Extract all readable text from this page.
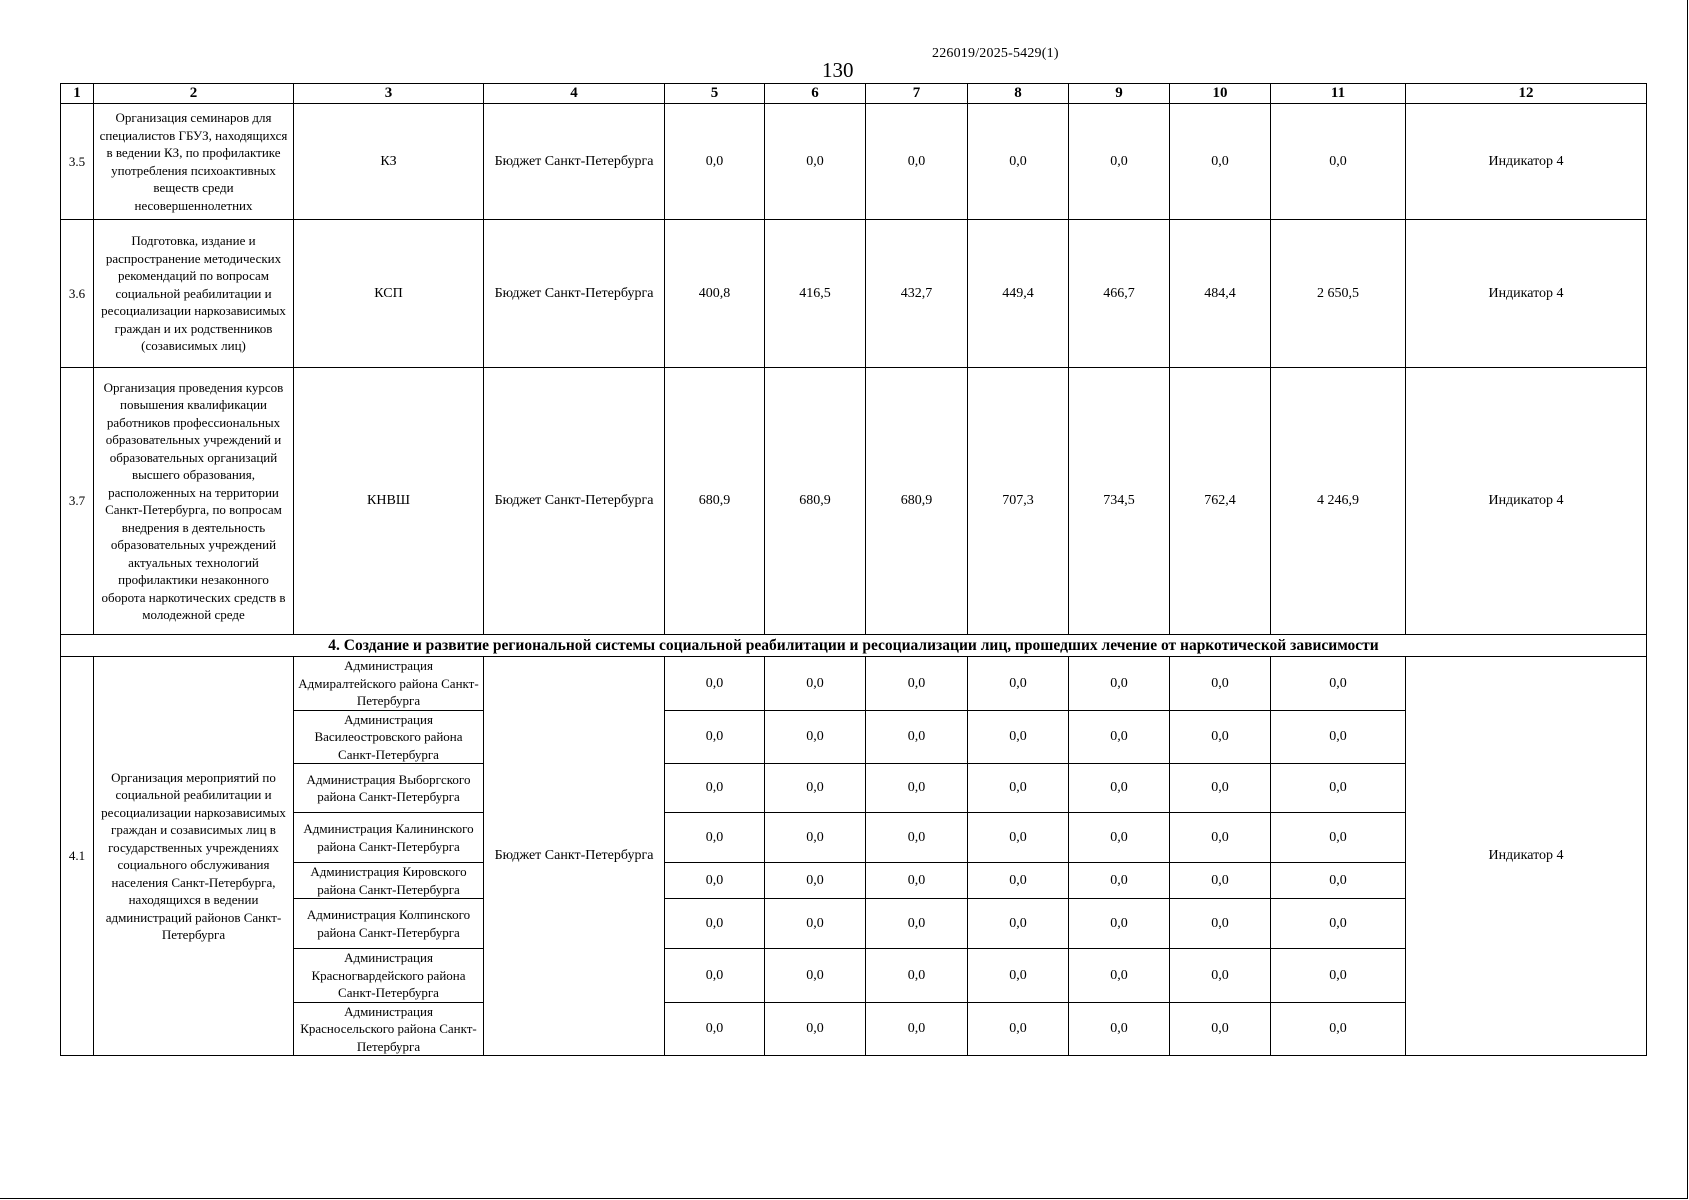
226019/2025-5429(1)
130
1	2	3	4	5	6	7	8	9	10	11	12
3.5	Организация семинаров для специалистов ГБУЗ, находящихся в ведении КЗ, по профилактике употребления психоактивных веществ среди несовершеннолетних	КЗ	Бюджет Санкт-Петербурга	0,0	0,0	0,0	0,0	0,0	0,0	0,0	Индикатор 4
3.6	Подготовка, издание и распространение методических рекомендаций по вопросам социальной реабилитации и ресоциализации наркозависимых граждан и их родственников (созависимых лиц)	КСП	Бюджет Санкт-Петербурга	400,8	416,5	432,7	449,4	466,7	484,4	2 650,5	Индикатор 4
3.7	Организация проведения курсов повышения квалификации работников профессиональных образовательных учреждений и образовательных организаций высшего образования, расположенных на территории Санкт-Петербурга, по вопросам внедрения в деятельность образовательных учреждений актуальных технологий профилактики незаконного оборота наркотических средств в молодежной среде	КНВШ	Бюджет Санкт-Петербурга	680,9	680,9	680,9	707,3	734,5	762,4	4 246,9	Индикатор 4
4. Создание и развитие региональной системы социальной реабилитации и ресоциализации лиц, прошедших лечение от наркотической зависимости											
4.1	Организация мероприятий по социальной реабилитации и ресоциализации наркозависимых граждан и созависимых лиц в государственных учреждениях социального обслуживания населения Санкт-Петербурга, находящихся в ведении администраций районов Санкт-Петербурга	Администрация Адмиралтейского района Санкт-Петербурга	Бюджет Санкт-Петербурга	0,0	0,0	0,0	0,0	0,0	0,0	0,0	Индикатор 4
		Администрация Василеостровского района Санкт-Петербурга		0,0	0,0	0,0	0,0	0,0	0,0	0,0	
		Администрация Выборгского района Санкт-Петербурга		0,0	0,0	0,0	0,0	0,0	0,0	0,0	
		Администрация Калининского района Санкт-Петербурга		0,0	0,0	0,0	0,0	0,0	0,0	0,0	
		Администрация Кировского района Санкт-Петербурга		0,0	0,0	0,0	0,0	0,0	0,0	0,0	
		Администрация Колпинского района Санкт-Петербурга		0,0	0,0	0,0	0,0	0,0	0,0	0,0	
		Администрация Красногвардейского района Санкт-Петербурга		0,0	0,0	0,0	0,0	0,0	0,0	0,0	
		Администрация Красносельского района Санкт-Петербурга		0,0	0,0	0,0	0,0	0,0	0,0	0,0	
